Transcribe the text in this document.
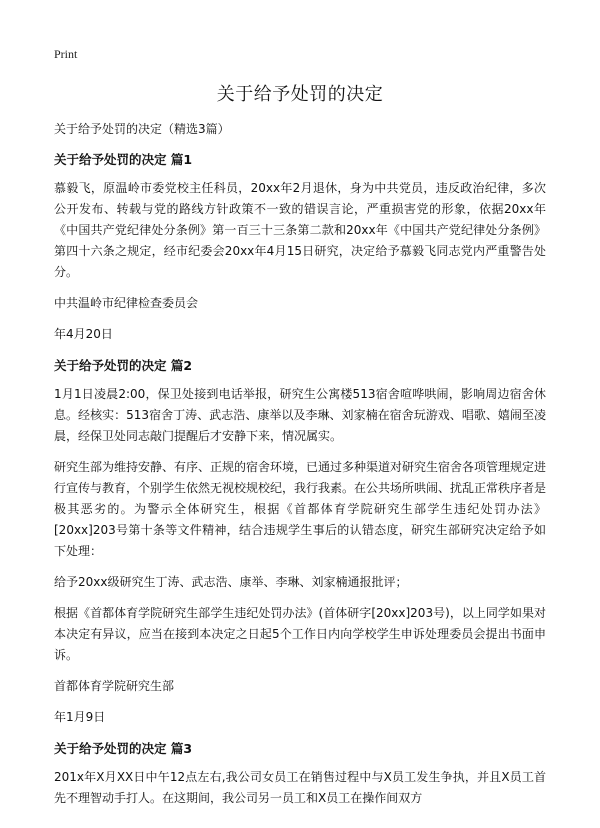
Print
关于给予处罚的决定

关于给予处罚的决定（精选3篇）

关于给予处罚的决定 篇1

慕毅飞，原温岭市委党校主任科员，20xx年2月退休，身为中共党员，违反政治纪律，多次公开发布、转载与党的路线方针政策不一致的错误言论，严重损害党的形象，依据20xx年《中国共产党纪律处分条例》第一百三十三条第二款和20xx年《中国共产党纪律处分条例》第四十六条之规定，经市纪委会20xx年4月15日研究，决定给予慕毅飞同志党内严重警告处分。

中共温岭市纪律检查委员会

年4月20日

关于给予处罚的决定 篇2

1月1日凌晨2:00，保卫处接到电话举报，研究生公寓楼513宿舍喧哗哄闹，影响周边宿舍休息。经核实：513宿舍丁涛、武志浩、康举以及李琳、刘家楠在宿舍玩游戏、唱歌、嬉闹至凌晨，经保卫处同志敲门提醒后才安静下来，情况属实。

研究生部为维持安静、有序、正规的宿舍环境，已通过多种渠道对研究生宿舍各项管理规定进行宣传与教育，个别学生依然无视校规校纪，我行我素。在公共场所哄闹、扰乱正常秩序者是极其恶劣的。为警示全体研究生，根据《首都体育学院研究生部学生违纪处罚办法》[20xx]203号第十条等文件精神，结合违规学生事后的认错态度，研究生部研究决定给予如下处理：

给予20xx级研究生丁涛、武志浩、康举、李琳、刘家楠通报批评；

根据《首都体育学院研究生部学生违纪处罚办法》(首体研字[20xx]203号)，以上同学如果对本决定有异议，应当在接到本决定之日起5个工作日内向学校学生申诉处理委员会提出书面申诉。

首都体育学院研究生部

年1月9日

关于给予处罚的决定 篇3

201x年X月XX日中午12点左右,我公司女员工在销售过程中与X员工发生争执，并且X员工首先不理智动手打人。在这期间，我公司另一员工和X员工在操作间双方
